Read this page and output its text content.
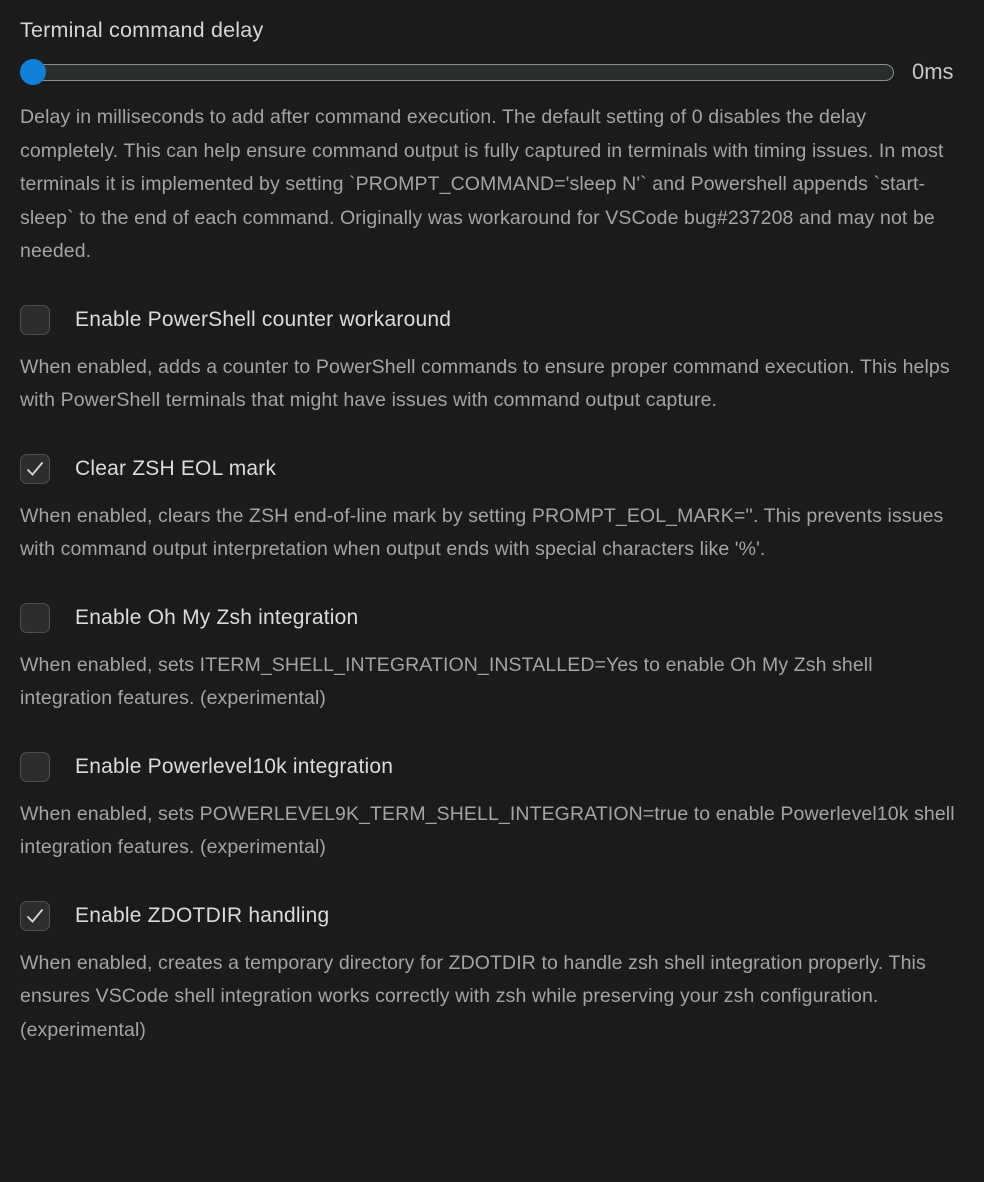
Terminal command delay
0ms
Delay in milliseconds to add after command execution. The default setting of 0 disables the delay completely. This can help ensure command output is fully captured in terminals with timing issues. In most terminals it is implemented by setting `PROMPT_COMMAND='sleep N'` and Powershell appends `start-sleep` to the end of each command. Originally was workaround for VSCode bug#237208 and may not be needed.
Enable PowerShell counter workaround
When enabled, adds a counter to PowerShell commands to ensure proper command execution. This helps with PowerShell terminals that might have issues with command output capture.
Clear ZSH EOL mark
When enabled, clears the ZSH end-of-line mark by setting PROMPT_EOL_MARK=''. This prevents issues with command output interpretation when output ends with special characters like '%'.
Enable Oh My Zsh integration
When enabled, sets ITERM_SHELL_INTEGRATION_INSTALLED=Yes to enable Oh My Zsh shell integration features. (experimental)
Enable Powerlevel10k integration
When enabled, sets POWERLEVEL9K_TERM_SHELL_INTEGRATION=true to enable Powerlevel10k shell integration features. (experimental)
Enable ZDOTDIR handling
When enabled, creates a temporary directory for ZDOTDIR to handle zsh shell integration properly. This ensures VSCode shell integration works correctly with zsh while preserving your zsh configuration. (experimental)
